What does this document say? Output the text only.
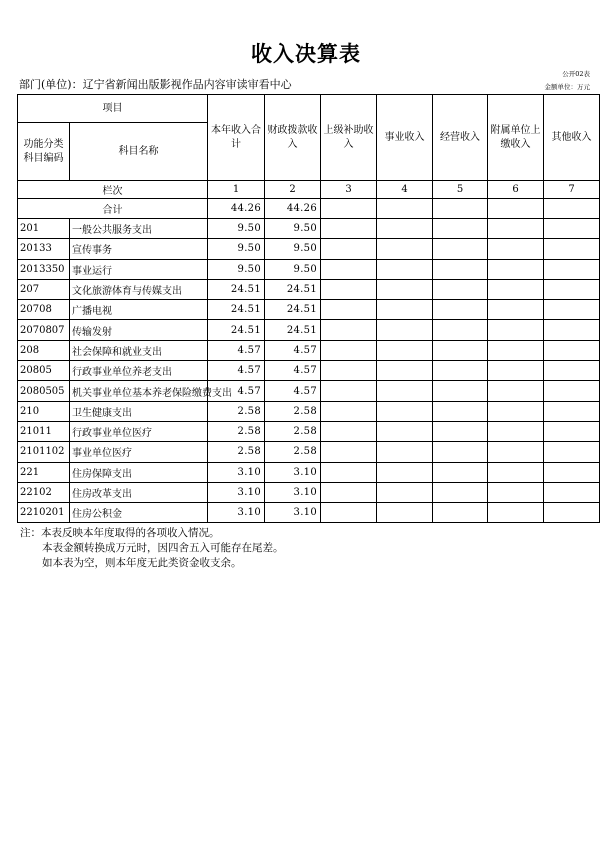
收入决算表
公开02表
金额单位：万元
部门(单位)：辽宁省新闻出版影视作品内容审读审看中心
项目		本年收入合计	财政拨款收入	上级补助收入	事业收入	经营收入	附属单位上缴收入	其他收入
功能分类科目编码	科目名称							
栏次		1	2	3	4	5	6	7
合计		44.26	44.26					
201	一般公共服务支出	9.50	9.50					
20133	宣传事务	9.50	9.50					
2013350	事业运行	9.50	9.50					
207	文化旅游体育与传媒支出	24.51	24.51					
20708	广播电视	24.51	24.51					
2070807	传输发射	24.51	24.51					
208	社会保障和就业支出	4.57	4.57					
20805	行政事业单位养老支出	4.57	4.57					
2080505	机关事业单位基本养老保险缴费支出	4.57	4.57					
210	卫生健康支出	2.58	2.58					
21011	行政事业单位医疗	2.58	2.58					
2101102	事业单位医疗	2.58	2.58					
221	住房保障支出	3.10	3.10					
22102	住房改革支出	3.10	3.10					
2210201	住房公积金	3.10	3.10					
注：本表反映本年度取得的各项收入情况。
本表金额转换成万元时，因四舍五入可能存在尾差。
如本表为空，则本年度无此类资金收支余。
